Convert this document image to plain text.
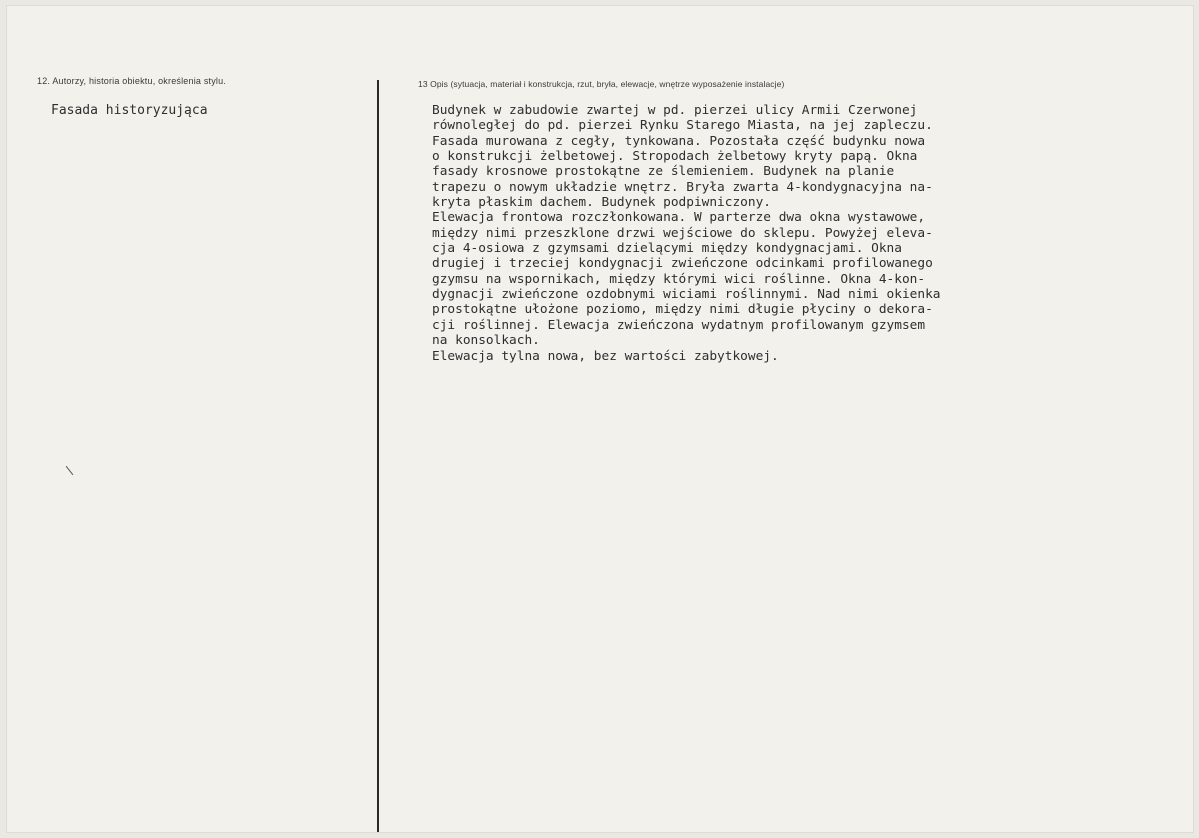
12. Autorzy, historia obiektu, określenia stylu.
Fasada historyzująca
13 Opis (sytuacja, materiał i konstrukcja, rzut, bryła, elewacje, wnętrze wyposażenie instalacje)
Budynek w zabudowie zwartej w pd. pierzei ulicy Armii Czerwonej
równoległej do pd. pierzei Rynku Starego Miasta, na jej zapleczu.
Fasada murowana z cegły, tynkowana. Pozostała część budynku nowa
o konstrukcji żelbetowej. Stropodach żelbetowy kryty papą. Okna
fasady krosnowe prostokątne ze ślemieniem. Budynek na planie
trapezu o nowym układzie wnętrz. Bryła zwarta 4-kondygnacyjna na-
kryta płaskim dachem. Budynek podpiwniczony.
Elewacja frontowa rozczłonkowana. W parterze dwa okna wystawowe,
między nimi przeszklone drzwi wejściowe do sklepu. Powyżej eleva-
cja 4-osiowa z gzymsami dzielącymi między kondygnacjami. Okna
drugiej i trzeciej kondygnacji zwieńczone odcinkami profilowanego
gzymsu na wspornikach, między którymi wici roślinne. Okna 4-kon-
dygnacji zwieńczone ozdobnymi wiciami roślinnymi. Nad nimi okienka
prostokątne ułożone poziomo, między nimi długie płyciny o dekora-
cji roślinnej. Elewacja zwieńczona wydatnym profilowanym gzymsem
na konsolkach.
Elewacja tylna nowa, bez wartości zabytkowej.
